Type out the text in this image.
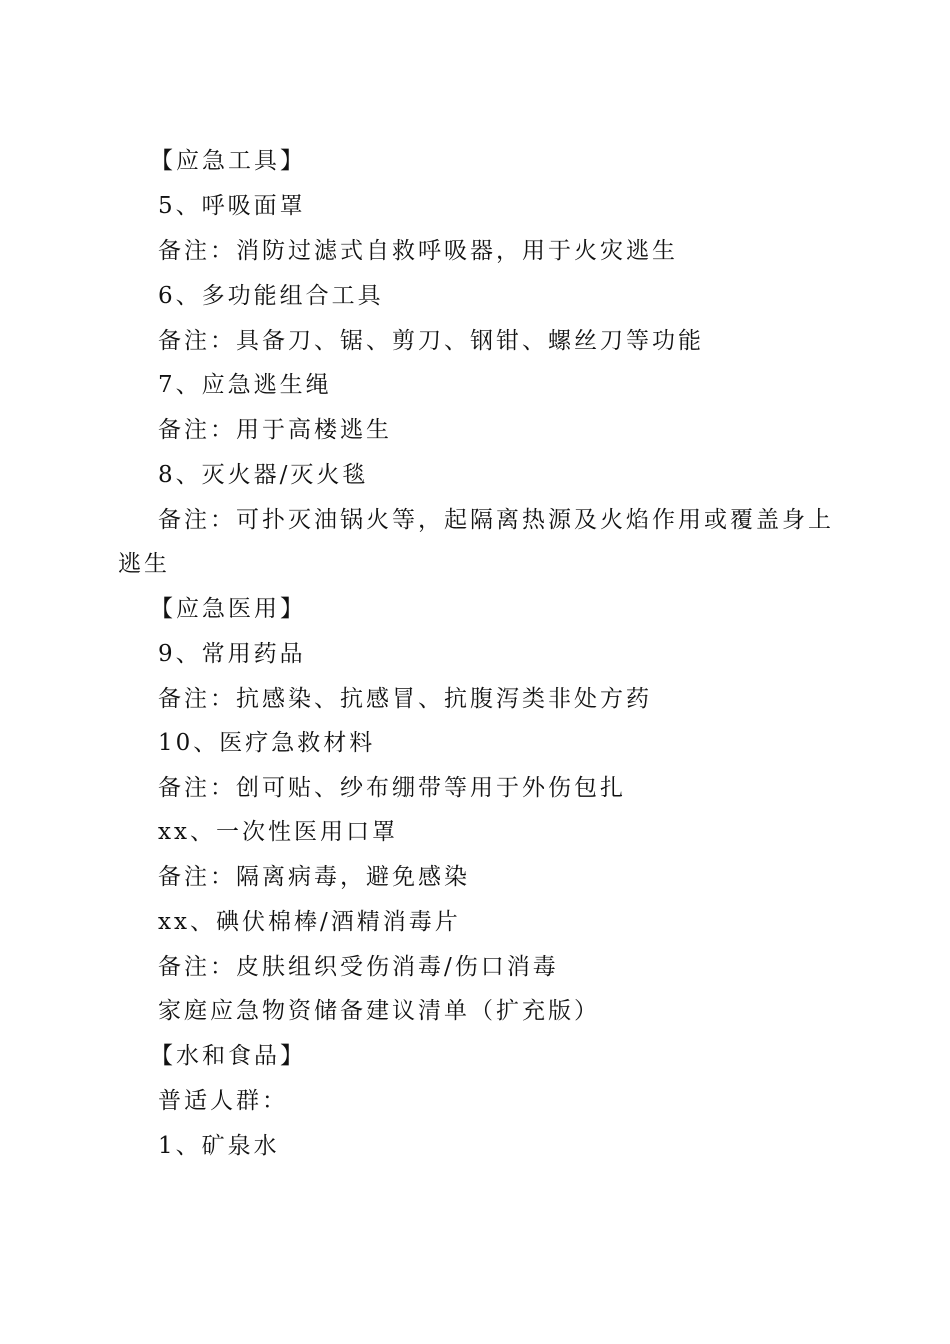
【应急工具】

5、呼吸面罩

备注：消防过滤式自救呼吸器，用于火灾逃生

6、多功能组合工具

备注：具备刀、锯、剪刀、钢钳、螺丝刀等功能

7、应急逃生绳

备注：用于高楼逃生

8、灭火器/灭火毯

备注：可扑灭油锅火等，起隔离热源及火焰作用或覆盖身上

逃生

【应急医用】

9、常用药品

备注：抗感染、抗感冒、抗腹泻类非处方药

10、医疗急救材料

备注：创可贴、纱布绷带等用于外伤包扎

xx、一次性医用口罩

备注：隔离病毒，避免感染

xx、碘伏棉棒/酒精消毒片

备注：皮肤组织受伤消毒/伤口消毒

家庭应急物资储备建议清单（扩充版）

【水和食品】

普适人群：

1、矿泉水
